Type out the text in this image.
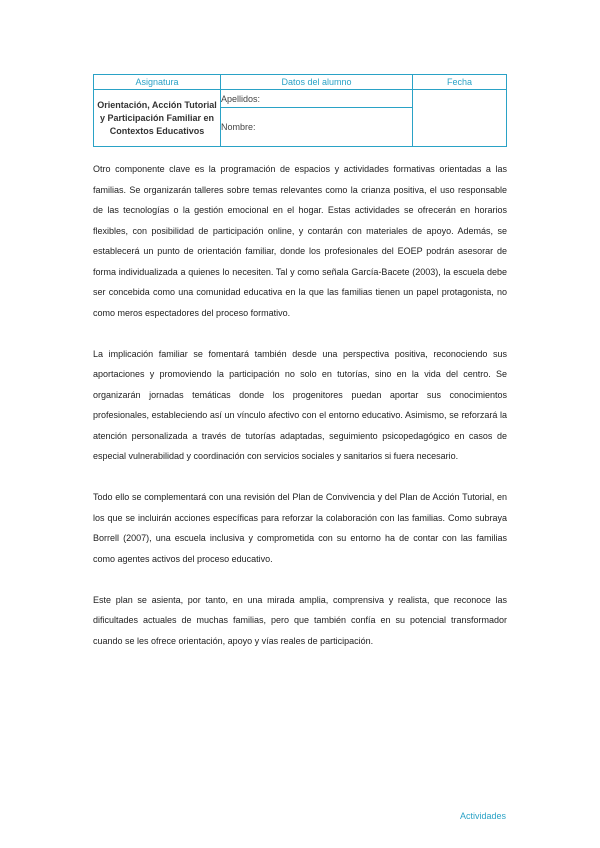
Asignatura	Datos del alumno	Fecha
Orientación, Acción Tutorial y Participación Familiar en Contextos Educativos	Apellidos:	
	Nombre:	

Otro componente clave es la programación de espacios y actividades formativas orientadas a las familias. Se organizarán talleres sobre temas relevantes como la crianza positiva, el uso responsable de las tecnologías o la gestión emocional en el hogar. Estas actividades se ofrecerán en horarios flexibles, con posibilidad de participación online, y contarán con materiales de apoyo. Además, se establecerá un punto de orientación familiar, donde los profesionales del EOEP podrán asesorar de forma individualizada a quienes lo necesiten. Tal y como señala García-Bacete (2003), la escuela debe ser concebida como una comunidad educativa en la que las familias tienen un papel protagonista, no como meros espectadores del proceso formativo.

La implicación familiar se fomentará también desde una perspectiva positiva, reconociendo sus aportaciones y promoviendo la participación no solo en tutorías, sino en la vida del centro. Se organizarán jornadas temáticas donde los progenitores puedan aportar sus conocimientos profesionales, estableciendo así un vínculo afectivo con el entorno educativo. Asimismo, se reforzará la atención personalizada a través de tutorías adaptadas, seguimiento psicopedagógico en casos de especial vulnerabilidad y coordinación con servicios sociales y sanitarios si fuera necesario.

Todo ello se complementará con una revisión del Plan de Convivencia y del Plan de Acción Tutorial, en los que se incluirán acciones específicas para reforzar la colaboración con las familias. Como subraya Borrell (2007), una escuela inclusiva y comprometida con su entorno ha de contar con las familias como agentes activos del proceso educativo.

Este plan se asienta, por tanto, en una mirada amplia, comprensiva y realista, que reconoce las dificultades actuales de muchas familias, pero que también confía en su potencial transformador cuando se les ofrece orientación, apoyo y vías reales de participación.

Actividades
